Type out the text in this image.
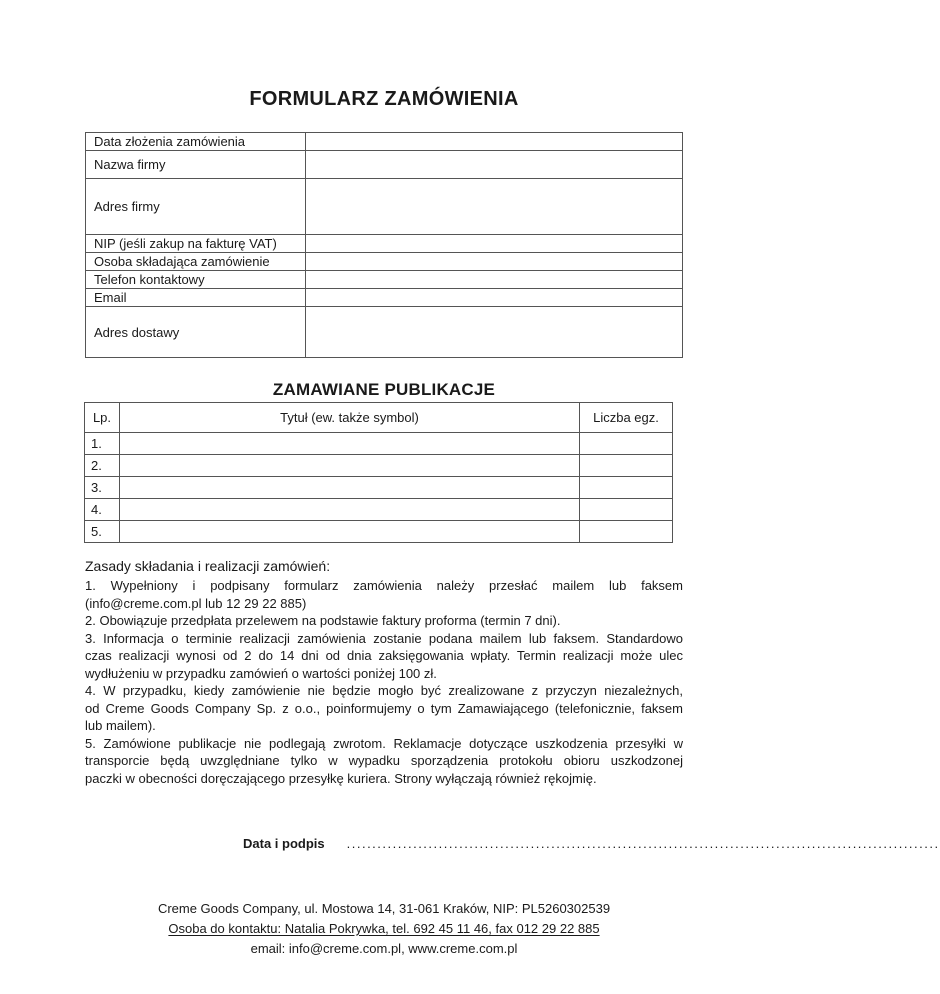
FORMULARZ ZAMÓWIENIA
Data złożenia zamówienia
Nazwa firmy
Adres firmy
NIP (jeśli zakup na fakturę VAT)
Osoba składająca zamówienie
Telefon kontaktowy
Email
Adres dostawy
ZAMAWIANE PUBLIKACJE
Lp.	Tytuł (ew. także symbol)	Liczba egz.
1.
2.
3.
4.
5.
Zasady składania i realizacji zamówień:
1. Wypełniony i podpisany formularz zamówienia należy przesłać mailem lub faksem
(info@creme.com.pl lub 12 29 22 885)
2. Obowiązuje przedpłata przelewem na podstawie faktury proforma (termin 7 dni).
3. Informacja o terminie realizacji zamówienia zostanie podana mailem lub faksem. Standardowo
czas realizacji wynosi od 2 do 14 dni od dnia zaksięgowania wpłaty. Termin realizacji może ulec
wydłużeniu w przypadku zamówień o wartości poniżej 100 zł.
4. W przypadku, kiedy zamówienie nie będzie mogło być zrealizowane z przyczyn niezależnych,
od Creme Goods Company Sp. z o.o., poinformujemy o tym Zamawiającego (telefonicznie, faksem
lub mailem).
5. Zamówione publikacje nie podlegają zwrotom. Reklamacje dotyczące uszkodzenia przesyłki w
transporcie będą uwzględniane tylko w wypadku sporządzenia protokołu obioru uszkodzonej
paczki w obecności doręczającego przesyłkę kuriera. Strony wyłączają również rękojmię.
Data i podpis ....................................................................................................................
Creme Goods Company, ul. Mostowa 14, 31-061 Kraków, NIP: PL5260302539
Osoba do kontaktu: Natalia Pokrywka, tel. 692 45 11 46, fax 012 29 22 885
email: info@creme.com.pl, www.creme.com.pl
